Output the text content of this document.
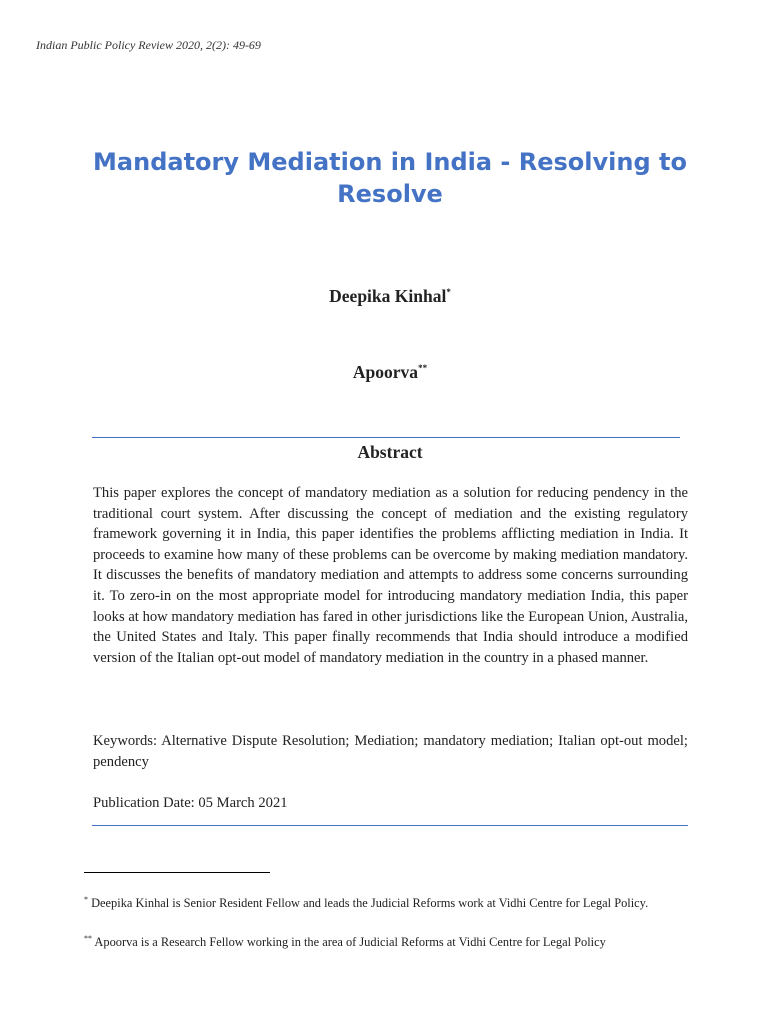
Indian Public Policy Review 2020, 2(2): 49-69
Mandatory Mediation in India - Resolving to Resolve
Deepika Kinhal*
Apoorva**
Abstract

This paper explores the concept of mandatory mediation as a solution for reducing pendency in the traditional court system. After discussing the concept of mediation and the existing regulatory framework governing it in India, this paper identifies the problems afflicting mediation in India. It proceeds to examine how many of these problems can be overcome by making mediation mandatory. It discusses the benefits of mandatory mediation and attempts to address some concerns surrounding it. To zero-in on the most appropriate model for introducing mandatory mediation India, this paper looks at how mandatory mediation has fared in other jurisdictions like the European Union, Australia, the United States and Italy. This paper finally recommends that India should introduce a modified version of the Italian opt-out model of mandatory mediation in the country in a phased manner.

Keywords: Alternative Dispute Resolution; Mediation; mandatory mediation; Italian opt-out model; pendency

Publication Date: 05 March 2021

* Deepika Kinhal is Senior Resident Fellow and leads the Judicial Reforms work at Vidhi Centre for Legal Policy.

** Apoorva is a Research Fellow working in the area of Judicial Reforms at Vidhi Centre for Legal Policy
